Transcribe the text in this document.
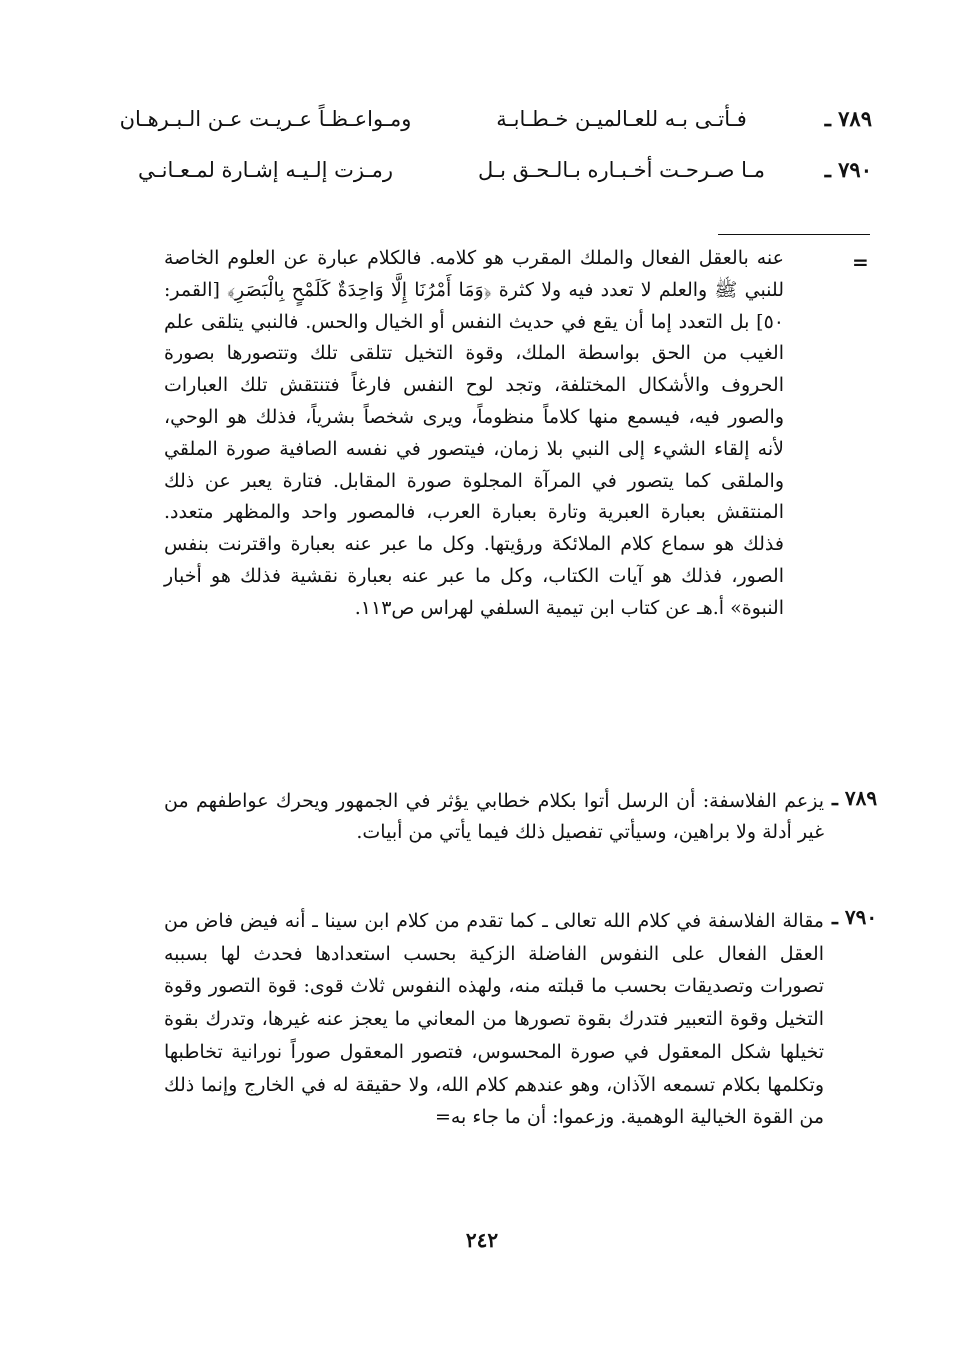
٧٨٩ ـ
فـأتـى بـه للعـالميـن خـطـابـة
ومـواعـظـاً عـريـت عـن الـبـرهـان
٧٩٠ ـ
مـا صـرحـت أخـبـاره بـالـحـق بـل
رمـزت إلـيـه إشـارة لمـعـانـي
=
عنه بالعقل الفعال والملك المقرب هو كلامه. فالكلام عبارة عن العلوم الخاصة للنبي ﷺ والعلم لا تعدد فيه ولا كثرة ﴿وَمَا أَمْرُنَا إِلَّا وَاحِدَةٌ كَلَمْحٍ بِالْبَصَرِ﴾ [القمر: ٥٠] بل التعدد إما أن يقع في حديث النفس أو الخيال والحس. فالنبي يتلقى علم الغيب من الحق بواسطة الملك، وقوة التخيل تتلقى تلك وتتصورها بصورة الحروف والأشكال المختلفة، وتجد لوح النفس فارغاً فتنتقش تلك العبارات والصور فيه، فيسمع منها كلاماً منظوماً، ويرى شخصاً بشرياً، فذلك هو الوحي، لأنه إلقاء الشيء إلى النبي بلا زمان، فيتصور في نفسه الصافية صورة الملقي والملقى كما يتصور في المرآة المجلوة صورة المقابل. فتارة يعبر عن ذلك المنتقش بعبارة العبرية وتارة بعبارة العرب، فالمصور واحد والمظهر متعدد. فذلك هو سماع كلام الملائكة ورؤيتها. وكل ما عبر عنه بعبارة واقترنت بنفس الصور، فذلك هو آيات الكتاب، وكل ما عبر عنه بعبارة نقشية فذلك هو أخبار النبوة» أ.هـ عن كتاب ابن تيمية السلفي لهراس ص١١٣.
٧٨٩ ـ
يزعم الفلاسفة: أن الرسل أتوا بكلام خطابي يؤثر في الجمهور ويحرك عواطفهم من غير أدلة ولا براهين، وسيأتي تفصيل ذلك فيما يأتي من أبيات.
٧٩٠ ـ
مقالة الفلاسفة في كلام الله تعالى ـ كما تقدم من كلام ابن سينا ـ أنه فيض فاض من العقل الفعال على النفوس الفاضلة الزكية بحسب استعدادها فحدث لها بسببه تصورات وتصديقات بحسب ما قبلته منه، ولهذه النفوس ثلاث قوى: قوة التصور وقوة التخيل وقوة التعبير فتدرك بقوة تصورها من المعاني ما يعجز عنه غيرها، وتدرك بقوة تخيلها شكل المعقول في صورة المحسوس، فتصور المعقول صوراً نورانية تخاطبها وتكلمها بكلام تسمعه الآذان، وهو عندهم كلام الله، ولا حقيقة له في الخارج وإنما ذلك من القوة الخيالية الوهمية. وزعموا: أن ما جاء به=
٢٤٢
